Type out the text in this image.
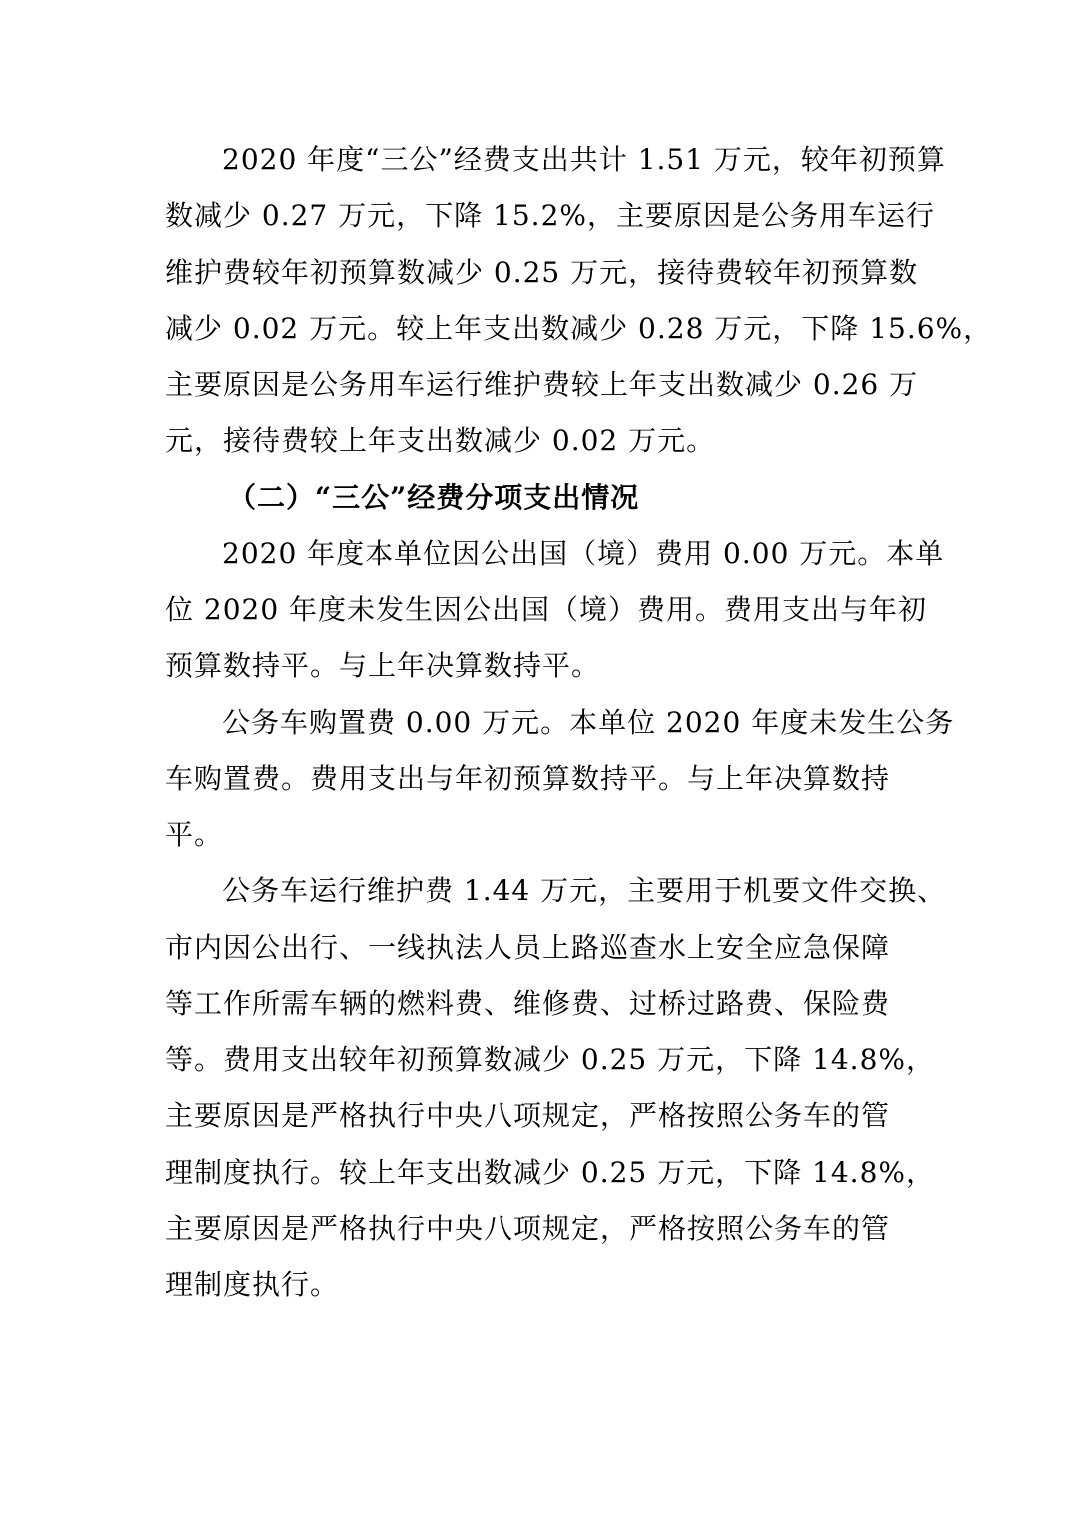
2020 年度“三公”经费支出共计 1.51 万元，较年初预算
数减少 0.27 万元，下降 15.2%，主要原因是公务用车运行
维护费较年初预算数减少 0.25 万元，接待费较年初预算数
减少 0.02 万元。较上年支出数减少 0.28 万元，下降 15.6%，
主要原因是公务用车运行维护费较上年支出数减少 0.26 万
元，接待费较上年支出数减少 0.02 万元。
（二）“三公”经费分项支出情况
2020 年度本单位因公出国（境）费用 0.00 万元。本单
位 2020 年度未发生因公出国（境）费用。费用支出与年初
预算数持平。与上年决算数持平。
公务车购置费 0.00 万元。本单位 2020 年度未发生公务
车购置费。费用支出与年初预算数持平。与上年决算数持
平。
公务车运行维护费 1.44 万元，主要用于机要文件交换、
市内因公出行、一线执法人员上路巡查水上安全应急保障
等工作所需车辆的燃料费、维修费、过桥过路费、保险费
等。费用支出较年初预算数减少 0.25 万元，下降 14.8%，
主要原因是严格执行中央八项规定，严格按照公务车的管
理制度执行。较上年支出数减少 0.25 万元，下降 14.8%，
主要原因是严格执行中央八项规定，严格按照公务车的管
理制度执行。
